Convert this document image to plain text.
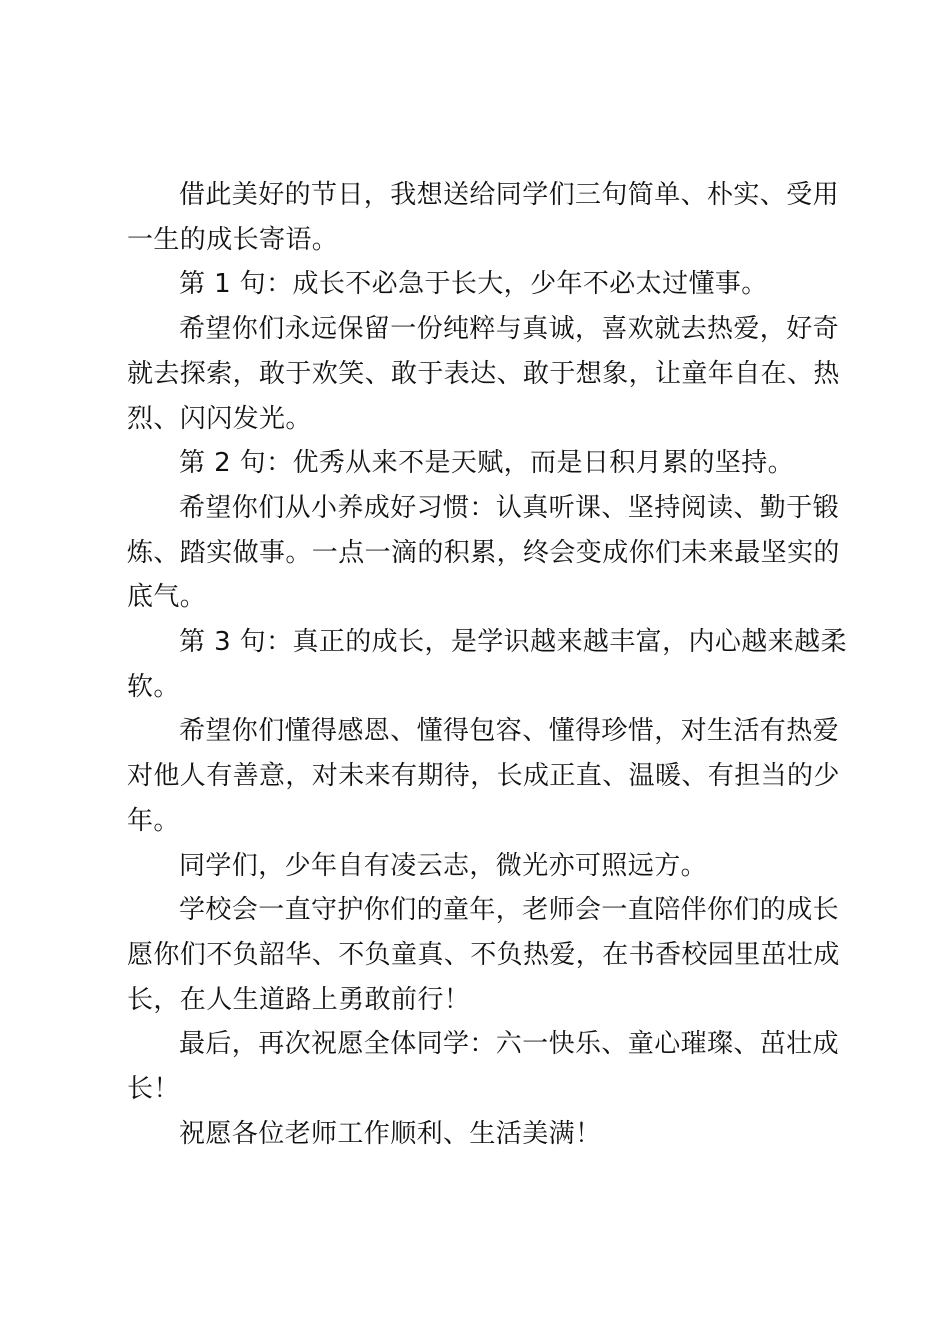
借此美好的节日，我想送给同学们三句简单、朴实、受用
一生的成长寄语。
第 1 句：成长不必急于长大，少年不必太过懂事。
希望你们永远保留一份纯粹与真诚，喜欢就去热爱，好奇
就去探索，敢于欢笑、敢于表达、敢于想象，让童年自在、热
烈、闪闪发光。
第 2 句：优秀从来不是天赋，而是日积月累的坚持。
希望你们从小养成好习惯：认真听课、坚持阅读、勤于锻
炼、踏实做事。一点一滴的积累，终会变成你们未来最坚实的
底气。
第 3 句：真正的成长，是学识越来越丰富，内心越来越柔
软。
希望你们懂得感恩、懂得包容、懂得珍惜，对生活有热爱
对他人有善意，对未来有期待，长成正直、温暖、有担当的少
年。
同学们，少年自有凌云志，微光亦可照远方。
学校会一直守护你们的童年，老师会一直陪伴你们的成长
愿你们不负韶华、不负童真、不负热爱，在书香校园里茁壮成
长，在人生道路上勇敢前行！
最后，再次祝愿全体同学：六一快乐、童心璀璨、茁壮成
长！
祝愿各位老师工作顺利、生活美满！
